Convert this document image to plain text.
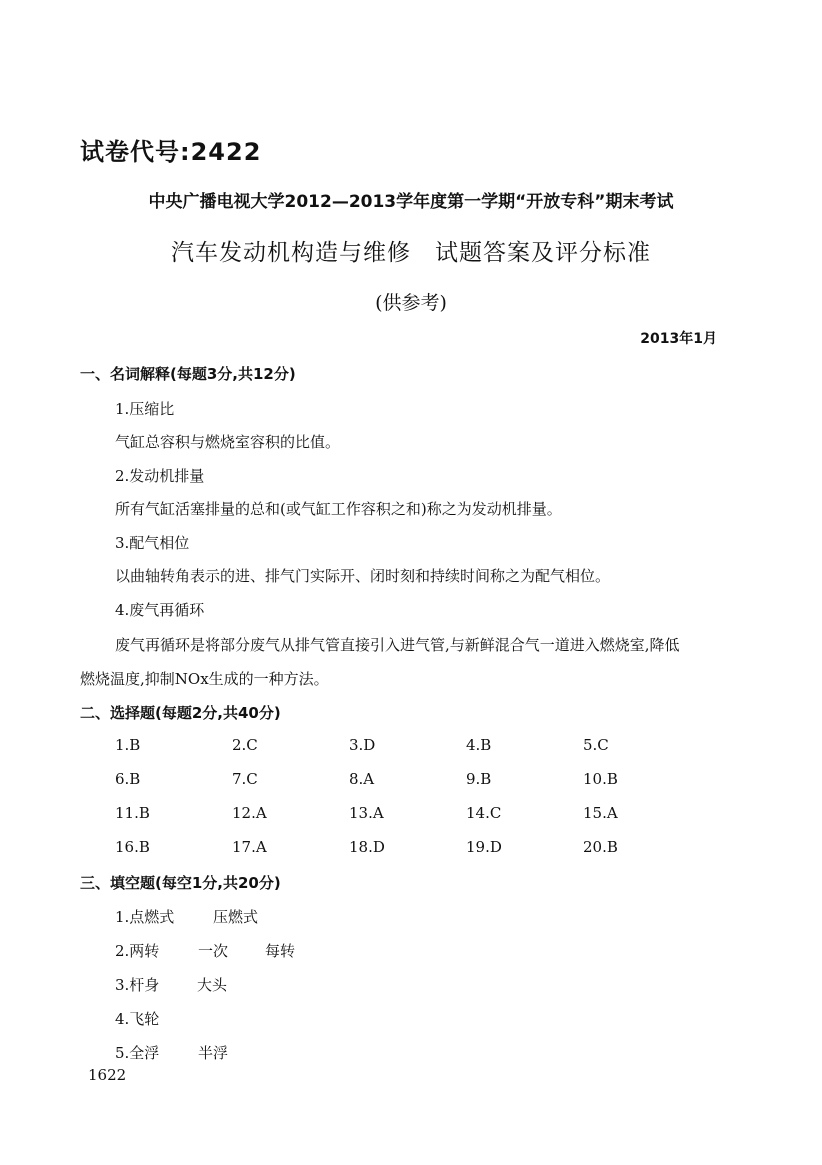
试卷代号:2422
中央广播电视大学2012—2013学年度第一学期“开放专科”期末考试
汽车发动机构造与维修　试题答案及评分标准
(供参考)
2013年1月
一、名词解释(每题3分,共12分)
1.压缩比
气缸总容积与燃烧室容积的比值。
2.发动机排量
所有气缸活塞排量的总和(或气缸工作容积之和)称之为发动机排量。
3.配气相位
以曲轴转角表示的进、排气门实际开、闭时刻和持续时间称之为配气相位。
4.废气再循环
废气再循环是将部分废气从排气管直接引入进气管,与新鲜混合气一道进入燃烧室,降低
燃烧温度,抑制NOx生成的一种方法。
二、选择题(每题2分,共40分)
1.B	2.C	3.D	4.B	5.C
6.B	7.C	8.A	9.B	10.B
11.B	12.A	13.A	14.C	15.A
16.B	17.A	18.D	19.D	20.B
三、填空题(每空1分,共20分)
1.点燃式	压燃式
2.两转	一次 每转
3.杆身	大头
4.飞轮
5.全浮	半浮
1622
